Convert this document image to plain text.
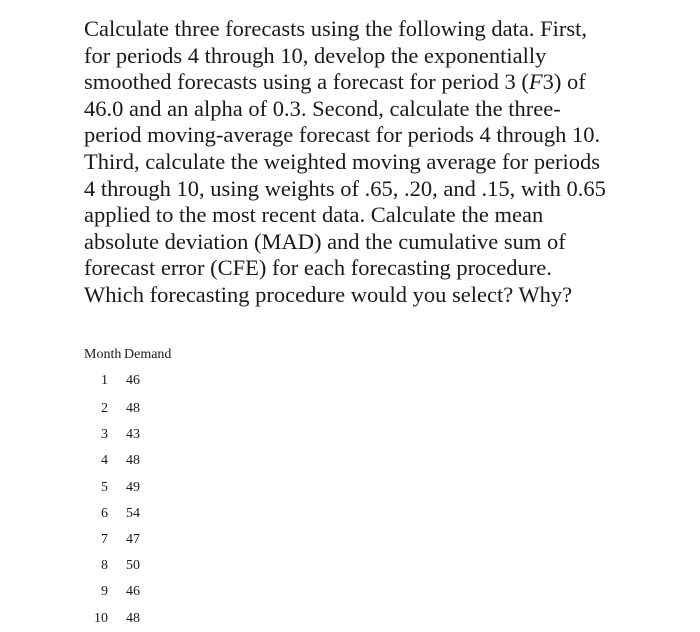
Calculate three forecasts using the following data. First,
for periods 4 through 10, develop the exponentially
smoothed forecasts using a forecast for period 3 (F3) of
46.0 and an alpha of 0.3. Second, calculate the three-
period moving-average forecast for periods 4 through 10.
Third, calculate the weighted moving average for periods
4 through 10, using weights of .65, .20, and .15, with 0.65
applied to the most recent data. Calculate the mean
absolute deviation (MAD) and the cumulative sum of
forecast error (CFE) for each forecasting procedure.
Which forecasting procedure would you select? Why?
Month	Demand
1	46
2	48
3	43
4	48
5	49
6	54
7	47
8	50
9	46
10	48
